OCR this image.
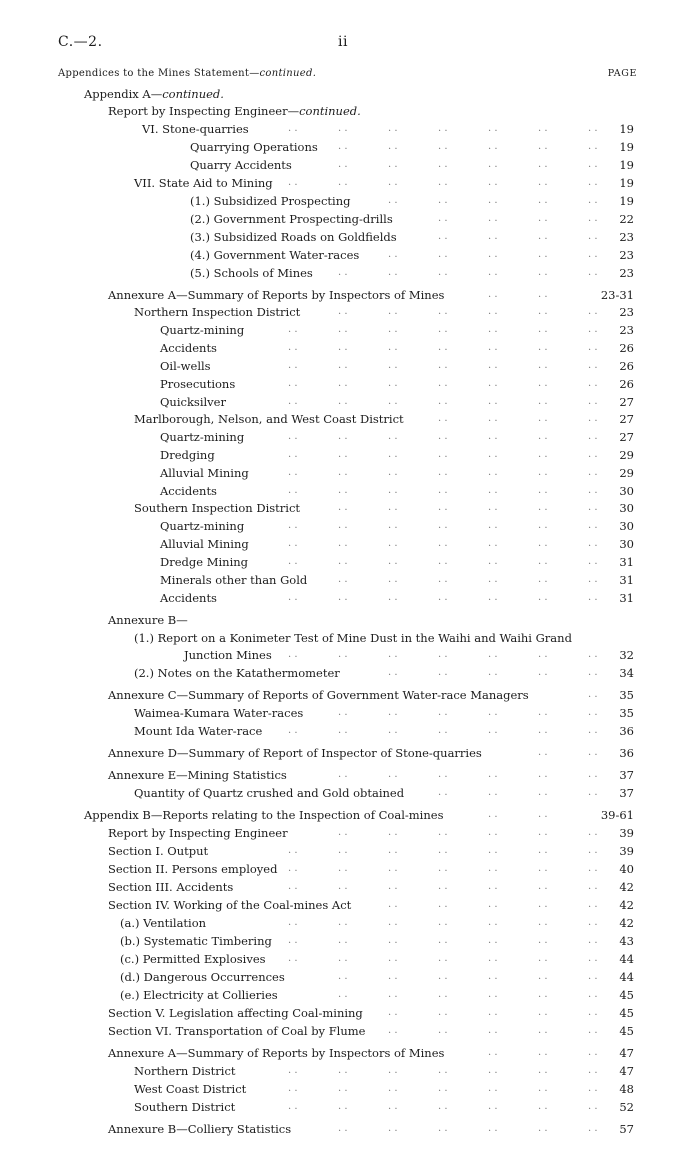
C.—2.	ii
Appendices to the Mines Statement—continued.	PAGE
Appendix A—continued.
Report by Inspecting Engineer—continued.
VI. Stone-quarries	. .	. .	. .	. .	. .	. .	. . 19
Quarrying Operations . .	. .	. .	. .	. .	. . 19
Quarry Accidents	. .	. .	. .	. .	. .	. . 19
VII. State Aid to Mining . .	. .	. .	. .	. .	. .	. . 19
(1.) Subsidized Prospecting	. .	. .	. .	. .	. . 19
(2.) Government Prospecting-drills	. .	. .	. .	. . 22
(3.) Subsidized Roads on Goldfields	. .	. .	. .	. . 23
(4.) Government Water-races	. .	. .	. .	. .	. . 23
(5.) Schools of Mines	. .	. .	. .	. .	. .	. . 23
Annexure A—Summary of Reports by Inspectors of Mines	. .	. .	23-31
Northern Inspection District	. .	. .	. .	. .	. .	. . 23
Quartz-mining	. .	. .	. .	. .	. .	. .	. . 23
Accidents	. .	. .	. .	. .	. .	. .	. . 26
Oil-wells	. .	. .	. .	. .	. .	. .	. . 26
Prosecutions	. .	. .	. .	. .	. .	. .	. . 26
Quicksilver	. .	. .	. .	. .	. .	. .	. . 27
Marlborough, Nelson, and West Coast District	. .	. .	. .	. . 27
Quartz-mining	. .	. .	. .	. .	. .	. .	. . 27
Dredging	. .	. .	. .	. .	. .	. .	. . 29
Alluvial Mining	. .	. .	. .	. .	. .	. .	. . 29
Accidents	. .	. .	. .	. .	. .	. .	. . 30
Southern Inspection District	. .	. .	. .	. .	. .	. . 30
Quartz-mining	. .	. .	. .	. .	. .	. .	. . 30
Alluvial Mining	. .	. .	. .	. .	. .	. .	. . 30
Dredge Mining	. .	. .	. .	. .	. .	. .	. . 31
Minerals other than Gold	. .	. .	. .	. .	. .	. . 31
Accidents	. .	. .	. .	. .	. .	. .	. . 31
Annexure B—
(1.) Report on a Konimeter Test of Mine Dust in the Waihi and Waihi Grand
Junction Mines . .	. .	. .	. .	. .	. .	. . 32
(2.) Notes on the Katathermometer	. .	. .	. .	. .	. . 34
Annexure C—Summary of Reports of Government Water-race Managers	. . 35
Waimea-Kumara Water-races	. .	. .	. .	. .	. .	. . 35
Mount Ida Water-race	. .	. .	. .	. .	. .	. .	. . 36
Annexure D—Summary of Report of Inspector of Stone-quarries	. .	. . 36
Annexure E—Mining Statistics	. .	. .	. .	. .	. .	. . 37
Quantity of Quartz crushed and Gold obtained	. .	. .	. .	. . 37
Appendix B—Reports relating to the Inspection of Coal-mines	. .	. .	39-61
Report by Inspecting Engineer	. .	. .	. .	. .	. .	. . 39
Section I. Output	. .	. .	. .	. .	. .	. .	. . 39
Section II. Persons employed . .	. .	. .	. .	. .	. .	. . 40
Section III. Accidents	. .	. .	. .	. .	. .	. .	. . 42
Section IV. Working of the Coal-mines Act	. .	. .	. .	. .	. . 42
(a.) Ventilation	. .	. .	. .	. .	. .	. .	. . 42
(b.) Systematic Timbering . .	. .	. .	. .	. .	. .	. . 43
(c.) Permitted Explosives . .	. .	. .	. .	. .	. .	. . 44
(d.) Dangerous Occurrences	. .	. .	. .	. .	. .	. . 44
(e.) Electricity at Collieries	. .	. .	. .	. .	. .	. . 45
Section V. Legislation affecting Coal-mining	. .	. .	. .	. .	. . 45
Section VI. Transportation of Coal by Flume . .	. .	. .	. .	. . 45
Annexure A—Summary of Reports by Inspectors of Mines	. .	. .	. . 47
Northern District	. .	. .	. .	. .	. .	. .	. . 47
West Coast District	. .	. .	. .	. .	. .	. .	. . 48
Southern District	. .	. .	. .	. .	. .	. .	. . 52
Annexure B—Colliery Statistics	. .	. .	. .	. .	. .	. . 57
